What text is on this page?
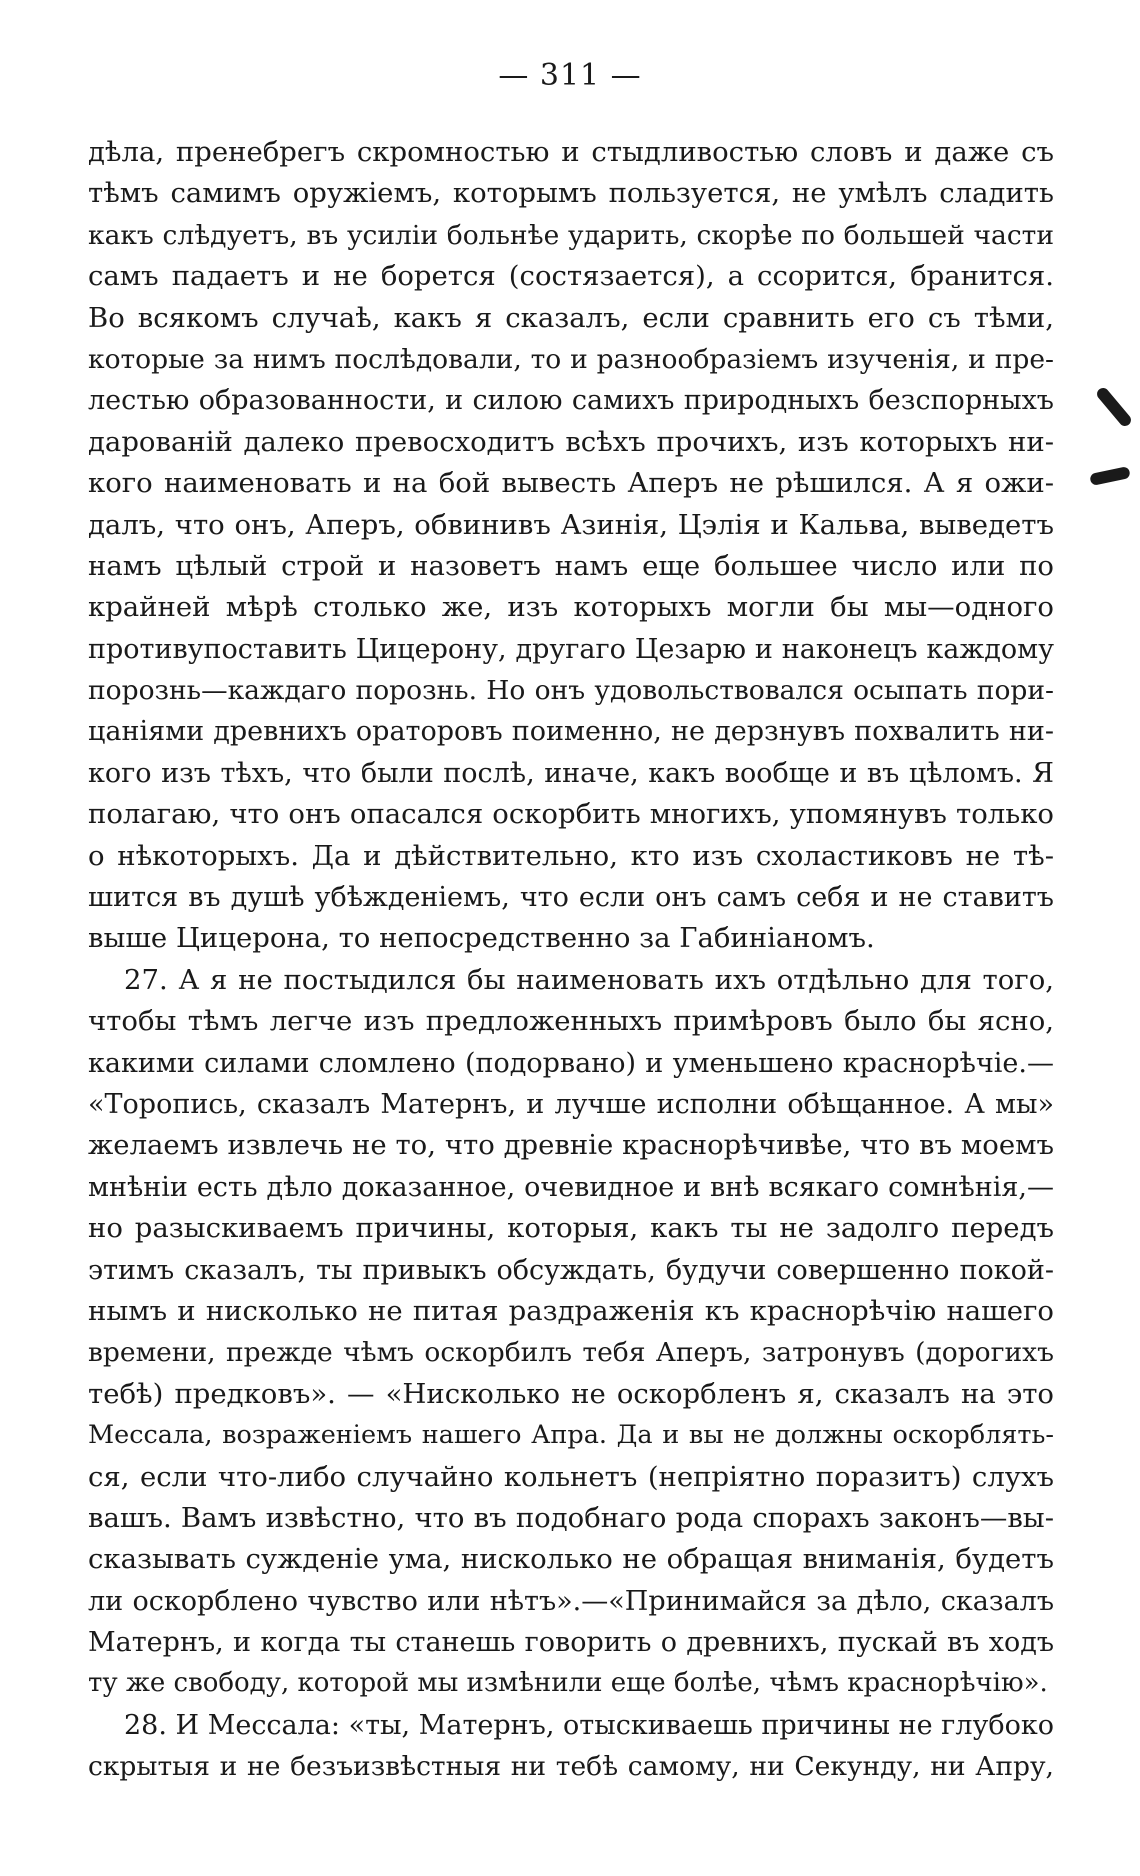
— 311 —
дѣла, пренебрегъ скромностью и стыдливостью словъ и даже съ
тѣмъ самимъ оружіемъ, которымъ пользуется, не умѣлъ сладить
какъ слѣдуетъ, въ усиліи больнѣе ударить, скорѣе по большей части
самъ падаетъ и не борется (состязается), а ссорится, бранится.
Во всякомъ случаѣ, какъ я сказалъ, если сравнить его съ тѣми,
которые за нимъ послѣдовали, то и разнообразіемъ изученія, и пре-
лестью образованности, и силою самихъ природныхъ безспорныхъ
дарованій далеко превосходитъ всѣхъ прочихъ, изъ которыхъ ни-
кого наименовать и на бой вывесть Аперъ не рѣшился. А я ожи-
далъ, что онъ, Аперъ, обвинивъ Азинія, Цэлія и Кальва, выведетъ
намъ цѣлый строй и назоветъ намъ еще большее число или по
крайней мѣрѣ столько же, изъ которыхъ могли бы мы—одного
противупоставить Цицерону, другаго Цезарю и наконецъ каждому
порознь—каждаго порознь. Но онъ удовольствовался осыпать пори-
цаніями древнихъ ораторовъ поименно, не дерзнувъ похвалить ни-
кого изъ тѣхъ, что были послѣ, иначе, какъ вообще и въ цѣломъ. Я
полагаю, что онъ опасался оскорбить многихъ, упомянувъ только
о нѣкоторыхъ. Да и дѣйствительно, кто изъ схоластиковъ не тѣ-
шится въ душѣ убѣжденіемъ, что если онъ самъ себя и не ставитъ
выше Цицерона, то непосредственно за Габиніаномъ.
27. А я не постыдился бы наименовать ихъ отдѣльно для того,
чтобы тѣмъ легче изъ предложенныхъ примѣровъ было бы ясно,
какими силами сломлено (подорвано) и уменьшено краснорѣчіе.—
«Торопись, сказалъ Матернъ, и лучше исполни обѣщанное. А мы»
желаемъ извлечь не то, что древніе краснорѣчивѣе, что въ моемъ
мнѣніи есть дѣло доказанное, очевидное и внѣ всякаго сомнѣнія,—
но разыскиваемъ причины, которыя, какъ ты не задолго передъ
этимъ сказалъ, ты привыкъ обсуждать, будучи совершенно покой-
нымъ и нисколько не питая раздраженія къ краснорѣчію нашего
времени, прежде чѣмъ оскорбилъ тебя Аперъ, затронувъ (дорогихъ
тебѣ) предковъ». — «Нисколько не оскорбленъ я, сказалъ на это
Мессала, возраженіемъ нашего Апра. Да и вы не должны оскорблять-
ся, если что-либо случайно кольнетъ (непріятно поразитъ) слухъ
вашъ. Вамъ извѣстно, что въ подобнаго рода спорахъ законъ—вы-
сказывать сужденіе ума, нисколько не обращая вниманія, будетъ
ли оскорблено чувство или нѣтъ».—«Принимайся за дѣло, сказалъ
Матернъ, и когда ты станешь говорить о древнихъ, пускай въ ходъ
ту же свободу, которой мы измѣнили еще болѣе, чѣмъ краснорѣчію».
28. И Мессала: «ты, Матернъ, отыскиваешь причины не глубоко
скрытыя и не безъизвѣстныя ни тебѣ самому, ни Секунду, ни Апру,
